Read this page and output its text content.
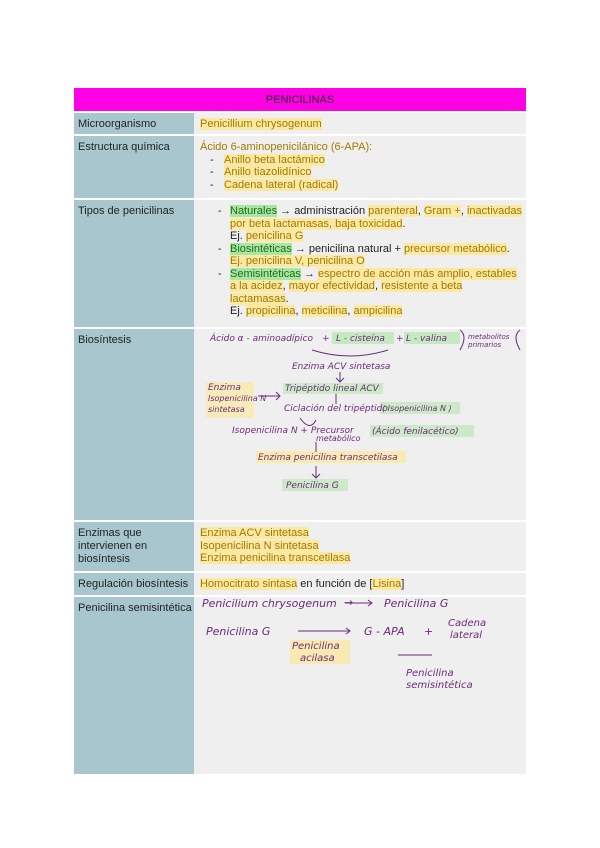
PENICILINAS
Microorganismo	Penicillium chrysogenum
Estructura química	Ácido 6-aminopenicilánico (6-APA):
- Anillo beta lactámico
- Anillo tiazolidínico
- Cadena lateral (radical)
Tipos de penicilinas
-	Naturales → administración parenteral, Gram +, inactivadas por beta lactamasas, baja toxicidad.
Ej. penicilina G
- Biosintéticas → penicilina natural + precursor metabólico.
Ej. penicilina V, penicilina O
- Semisintéticas → espectro de acción más amplio, estables a la acidez, mayor efectividad, resistente a beta lactamasas.
Ej. propicilina, meticilina, ampicilina
Biosíntesis
Enzimas que intervienen en biosíntesis
Enzima ACV sintetasa
Isopenicilina N sintetasa
Enzima penicilina transcetilasa
Regulación biosíntesis	Homocitrato sintasa en función de [Lisina]
Penicilina semisintética
Ácido α - aminoadípico + L - cisteína + L - valina	metabolitos primarios
Enzima ACV sintetasa
Enzima
Isopenicilina N
sintetasa
Tripéptido lineal ACV
Ciclación del tripéptido
( Isopenicilina N )
Isopenicilina N + Precursor
metabólico
(Ácido fenilacético)
Enzima penicilina transcetilasa
Penicilina G
Penicilium chrysogenum →	Penicilina G
Penicilina G	G - APA +
Cadena
lateral
Penicilina
acilasa
Penicilina
semisintética
